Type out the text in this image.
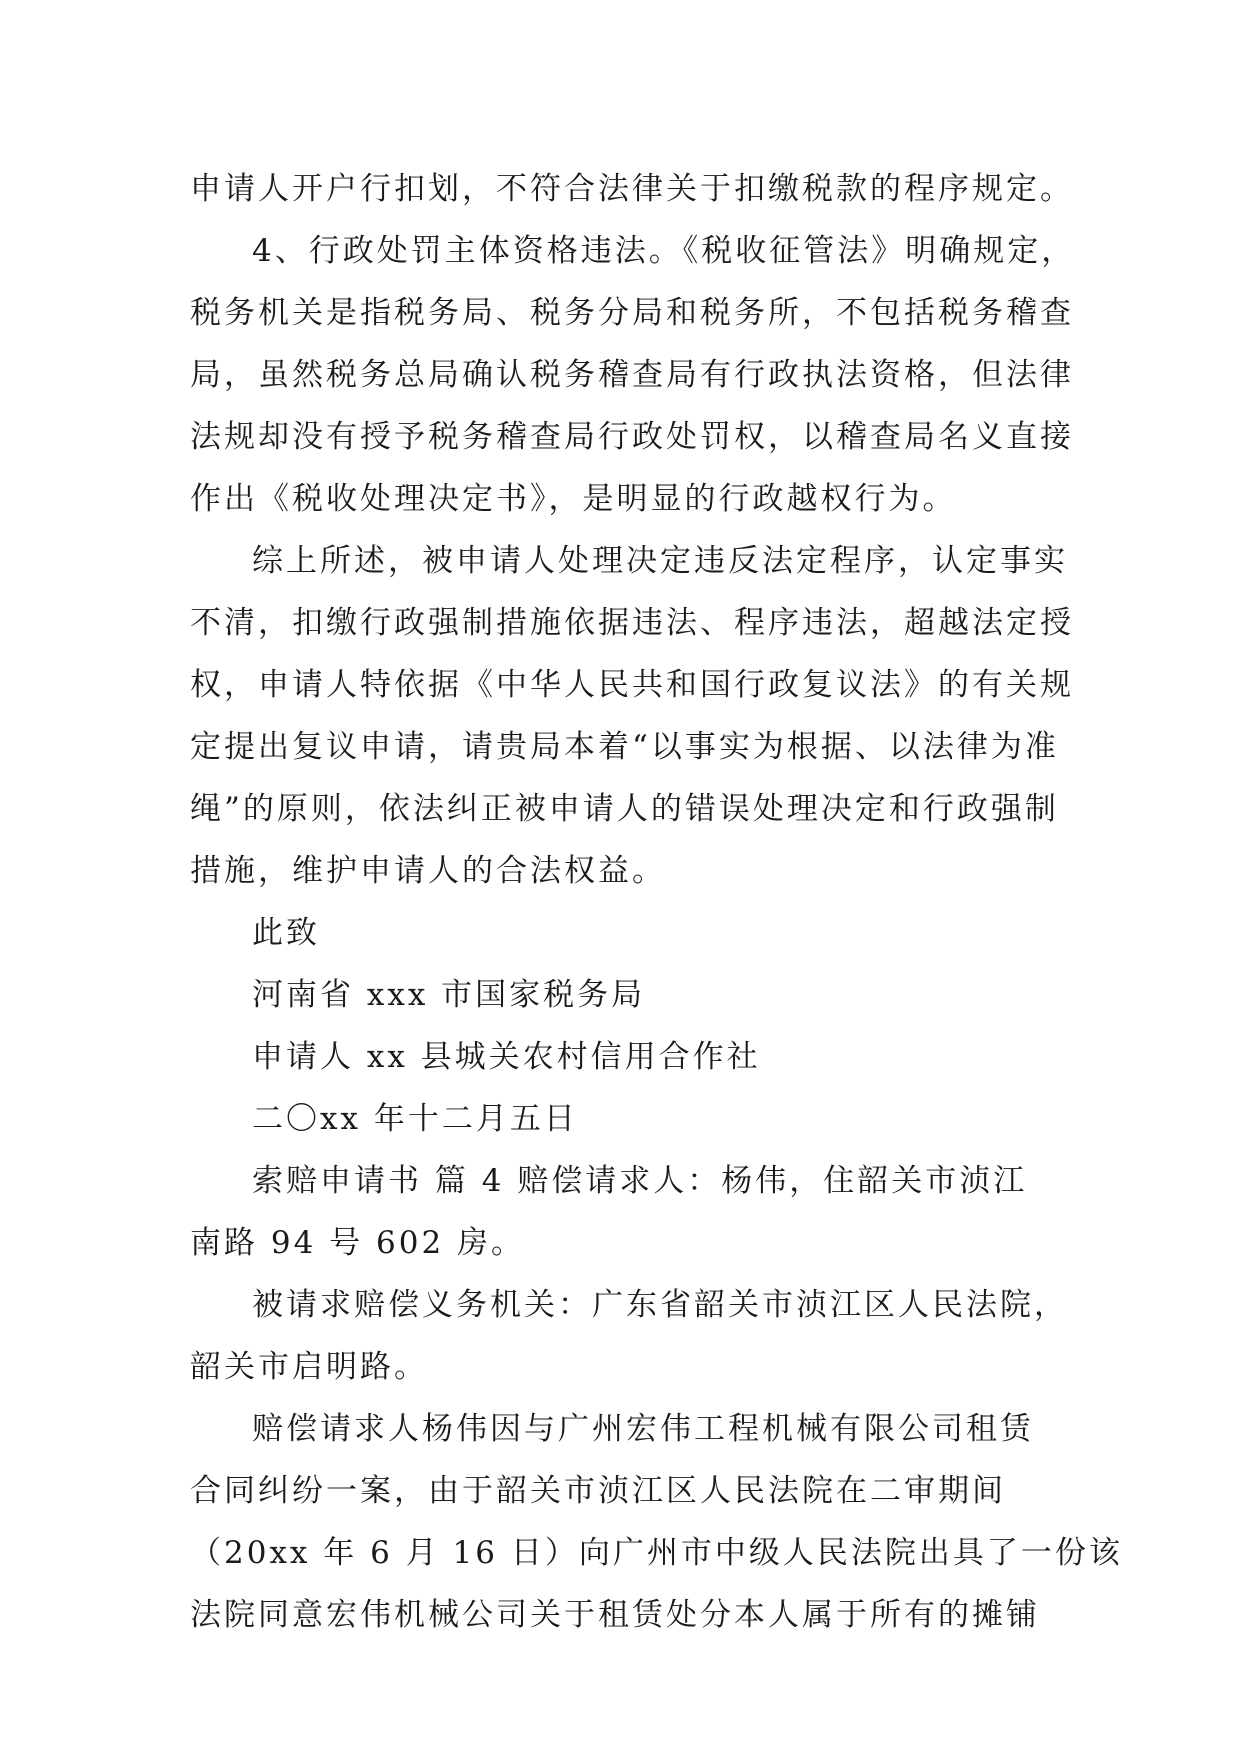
申请人开户行扣划，不符合法律关于扣缴税款的程序规定。
4、行政处罚主体资格违法。《税收征管法》明确规定，
税务机关是指税务局、税务分局和税务所，不包括税务稽查
局，虽然税务总局确认税务稽查局有行政执法资格，但法律
法规却没有授予税务稽查局行政处罚权，以稽查局名义直接
作出《税收处理决定书》，是明显的行政越权行为。
综上所述，被申请人处理决定违反法定程序，认定事实
不清，扣缴行政强制措施依据违法、程序违法，超越法定授
权，申请人特依据《中华人民共和国行政复议法》的有关规
定提出复议申请，请贵局本着“以事实为根据、以法律为准
绳”的原则，依法纠正被申请人的错误处理决定和行政强制
措施，维护申请人的合法权益。
此致
河南省 xxx 市国家税务局
申请人 xx 县城关农村信用合作社
二〇xx 年十二月五日
索赔申请书 篇 4 赔偿请求人：杨伟，住韶关市浈江
南路 94 号 602 房。
被请求赔偿义务机关：广东省韶关市浈江区人民法院，
韶关市启明路。
赔偿请求人杨伟因与广州宏伟工程机械有限公司租赁
合同纠纷一案，由于韶关市浈江区人民法院在二审期间
（20xx 年 6 月 16 日）向广州市中级人民法院出具了一份该
法院同意宏伟机械公司关于租赁处分本人属于所有的摊铺
